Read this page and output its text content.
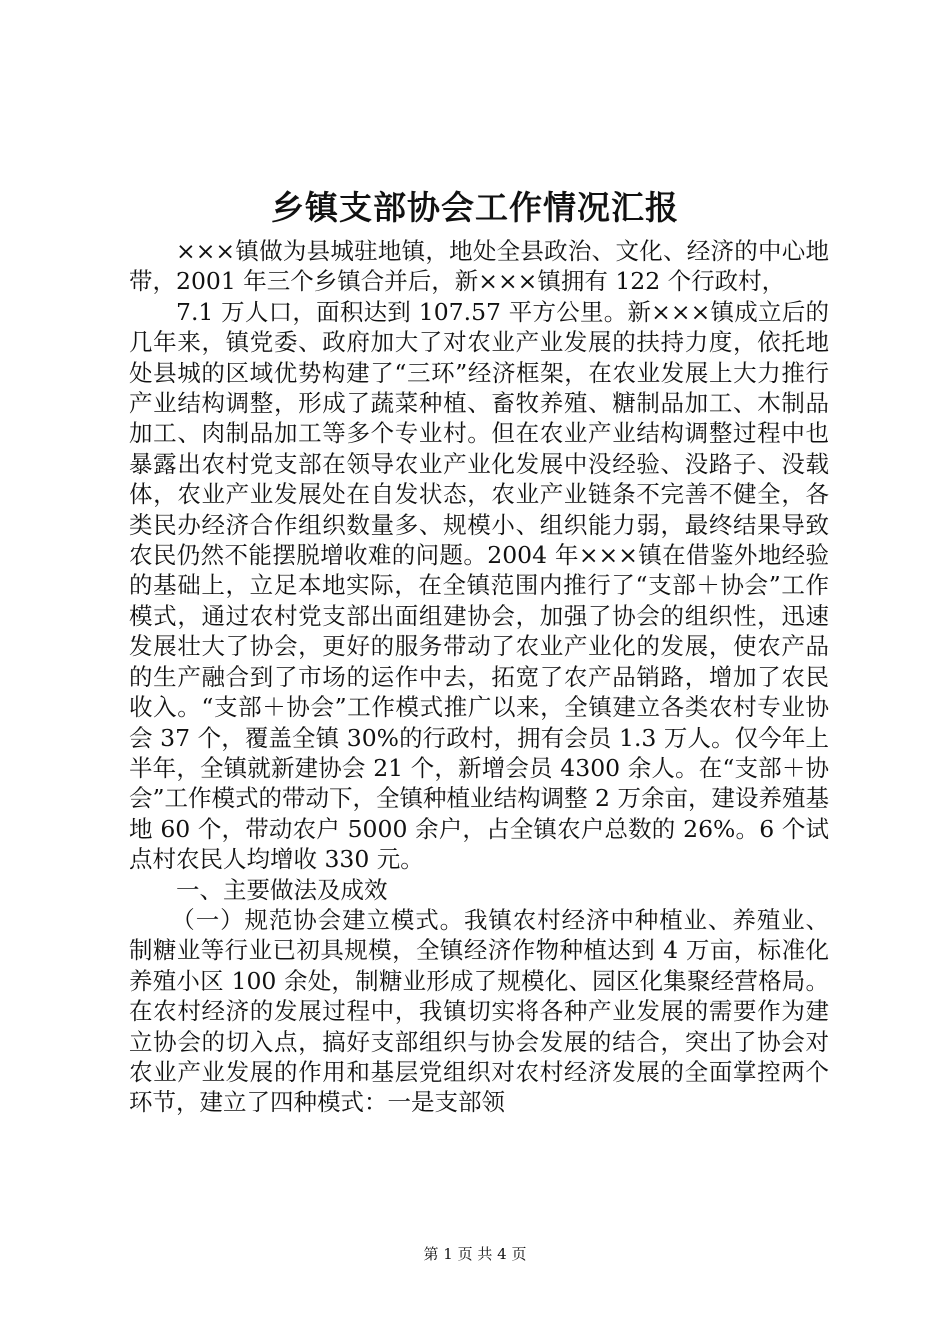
乡镇支部协会工作情况汇报

×××镇做为县城驻地镇，地处全县政治、文化、经济的中心地带，2001 年三个乡镇合并后，新×××镇拥有 122 个行政村，

7.1 万人口，面积达到 107.57 平方公里。新×××镇成立后的几年来，镇党委、政府加大了对农业产业发展的扶持力度，依托地处县城的区域优势构建了“三环”经济框架，在农业发展上大力推行产业结构调整，形成了蔬菜种植、畜牧养殖、糖制品加工、木制品加工、肉制品加工等多个专业村。但在农业产业结构调整过程中也暴露出农村党支部在领导农业产业化发展中没经验、没路子、没载体，农业产业发展处在自发状态，农业产业链条不完善不健全，各类民办经济合作组织数量多、规模小、组织能力弱，最终结果导致农民仍然不能摆脱增收难的问题。2004 年×××镇在借鉴外地经验的基础上，立足本地实际，在全镇范围内推行了“支部＋协会”工作模式，通过农村党支部出面组建协会，加强了协会的组织性，迅速发展壮大了协会，更好的服务带动了农业产业化的发展，使农产品的生产融合到了市场的运作中去，拓宽了农产品销路，增加了农民收入。“支部＋协会”工作模式推广以来，全镇建立各类农村专业协会 37 个，覆盖全镇 30%的行政村，拥有会员 1.3 万人。仅今年上半年，全镇就新建协会 21 个，新增会员 4300 余人。在“支部＋协会”工作模式的带动下，全镇种植业结构调整 2 万余亩，建设养殖基地 60 个，带动农户 5000 余户，占全镇农户总数的 26%。6 个试点村农民人均增收 330 元。

一、主要做法及成效

（一）规范协会建立模式。我镇农村经济中种植业、养殖业、制糖业等行业已初具规模，全镇经济作物种植达到 4 万亩，标准化养殖小区 100 余处，制糖业形成了规模化、园区化集聚经营格局。在农村经济的发展过程中，我镇切实将各种产业发展的需要作为建立协会的切入点，搞好支部组织与协会发展的结合，突出了协会对农业产业发展的作用和基层党组织对农村经济发展的全面掌控两个环节，建立了四种模式：一是支部领

第 1 页 共 4 页
